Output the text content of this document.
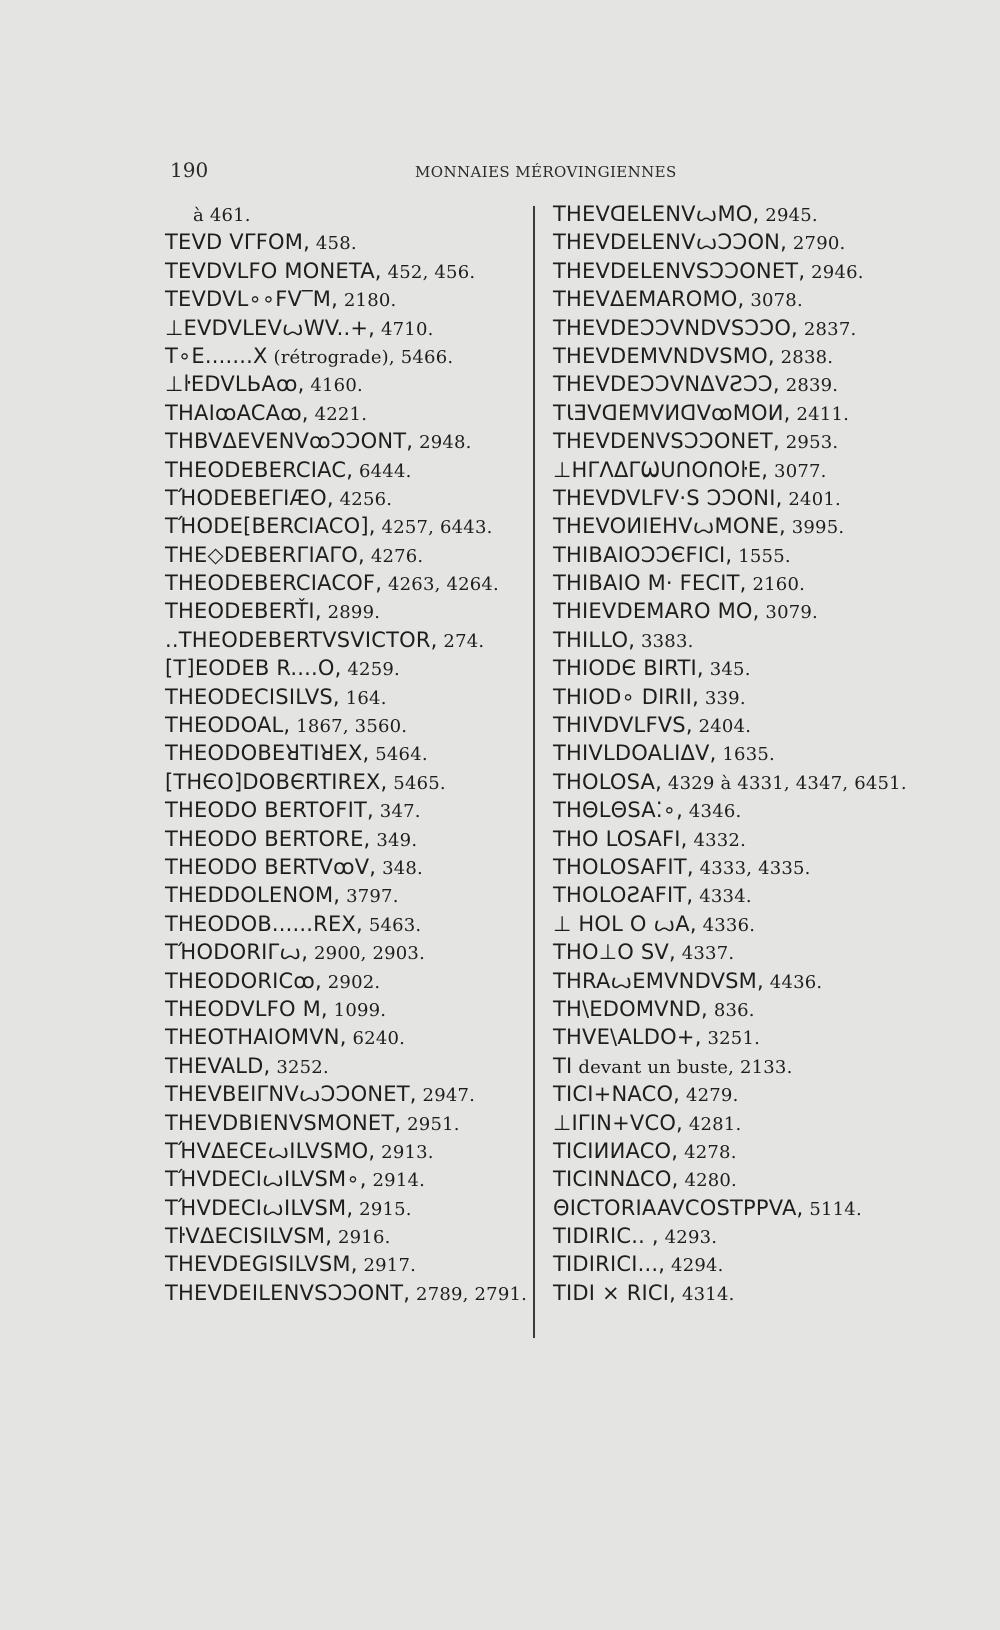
190	MONNAIES MÉROVINGIENNES
à 461.
TEVD VΓFOM, 458.
TEVDVLFO MONETA, 452, 456.
TEVDVL∘∘FV‾M, 2180.
⊥EVDVLEVꙍWV..+, 4710.
T∘E.......X (rétrograde), 5466.
⊥ŀEDVLЬAꝏ, 4160.
THAIꝏACAꝏ, 4221.
THBVΔEVENVꝏƆƆONT, 2948.
THEODEBERCIAC, 6444.
TΉODEBEΓIÆO, 4256.
TΉODE[BERCIACO], 4257, 6443.
THE◇DEBERΓIAΓO, 4276.
THEODEBERCIACOF, 4263, 4264.
THEODEBERŤI, 2899.
..THEODEBERTVSVICTOR, 274.
[T]EODEB R....O, 4259.
THEODECISILVS, 164.
THEODOAL, 1867, 3560.
THEODOBEꓤTIꓤEX, 5464.
[THЄO]DOBЄRTIREX, 5465.
THEODO BERTOFIT, 347.
THEODO BERTORE, 349.
THEODO BERTVꝏV, 348.
THEDDOLENOM, 3797.
THEODOB......REX, 5463.
TΉODORIΓꙍ, 2900, 2903.
THEODORICꝏ, 2902.
THEODVLFO M, 1099.
THEOTHAIOMVN, 6240.
THEVALD, 3252.
THEVBEIΓNVꙍƆƆONET, 2947.
THEVDBIENVSMONET, 2951.
TΉVΔECEꙍILVSMO, 2913.
TΉVDECIꙍILVSM∘, 2914.
TΉVDECIꙍILVSM, 2915.
TŀVΔECISILVSM, 2916.
THEVDEGISILVSM, 2917.
THEVDEILENVSƆƆONT, 2789, 2791.
THEVᗡELENVꙍMO, 2945.
THEVDELENVꙍƆƆON, 2790.
THEVDELENVSƆƆONET, 2946.
THEVΔEMAROMO, 3078.
THEVDEƆƆVNDVSƆƆO, 2837.
THEVDEMVNDVSMO, 2838.
THEVDEƆƆVNΔVƧƆƆ, 2839.
TƖƎVᗡEMVИᗡVꝏMOИ, 2411.
THEVDENVSƆƆONET, 2953.
⊥HΓΛΔΓѠᑌᑎOᑎOŀE, 3077.
THEVDVLFV·S ƆƆONI, 2401.
THEVOИIEHVꙍMONE, 3995.
THIBAIOƆƆЄFICI, 1555.
THIBAIO M· FECIT, 2160.
THIEVDEMARO MO, 3079.
THILLO, 3383.
THIODЄ BIRTI, 345.
THIOD∘ DIRII, 339.
THIVDVLFVS, 2404.
THIVLDOALIΔV, 1635.
THOLOSA, 4329 à 4331, 4347, 6451.
THΘLΘSA⁚∘, 4346.
THO LOSAFI, 4332.
THOLOSAFIT, 4333, 4335.
THOLOƧAFIT, 4334.
⊥ HOL O ꙍA, 4336.
THO⊥O SV, 4337.
THRAꙍEMVNDVSM, 4436.
TH\EDOMVND, 836.
THVE\ALDO+, 3251.
TI devant un buste, 2133.
TICI+NACO, 4279.
⊥IΓIN+VCO, 4281.
TICIИИACO, 4278.
TICINNΔCO, 4280.
ΘICTORIAAVCOSTPPVA, 5114.
TIDIRIC.. , 4293.
TIDIRICI..., 4294.
TIDI × RICI, 4314.
